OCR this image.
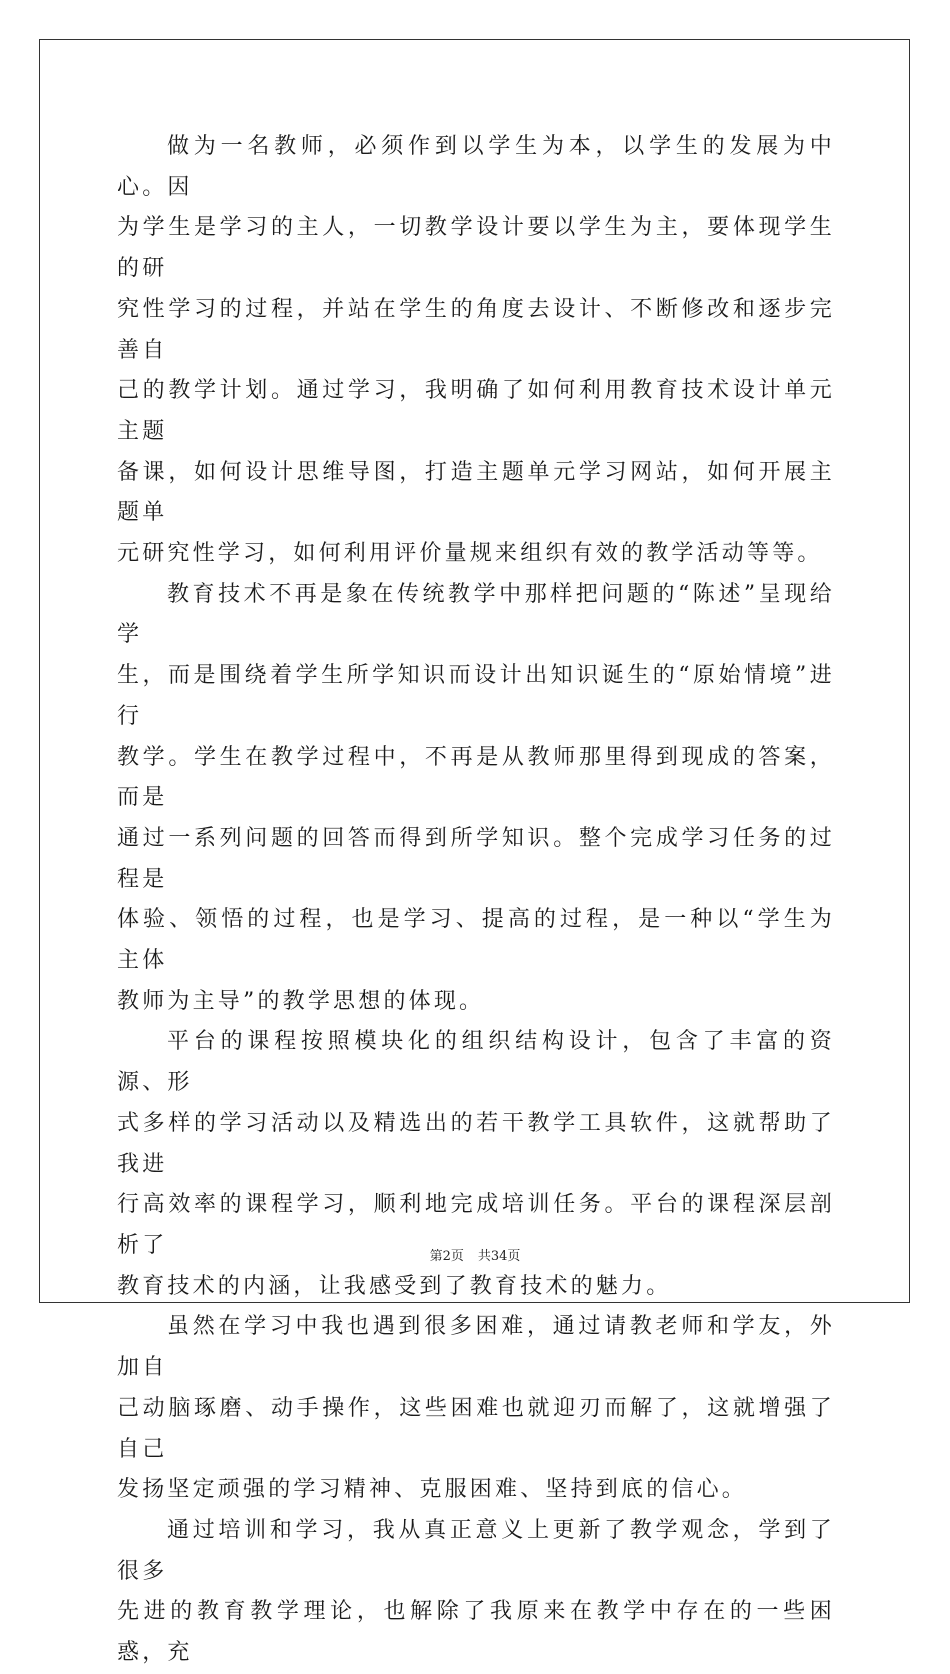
做为一名教师，必须作到以学生为本，以学生的发展为中心。因
为学生是学习的主人，一切教学设计要以学生为主，要体现学生的研
究性学习的过程，并站在学生的角度去设计、不断修改和逐步完善自
己的教学计划。通过学习，我明确了如何利用教育技术设计单元主题
备课，如何设计思维导图，打造主题单元学习网站，如何开展主题单
元研究性学习，如何利用评价量规来组织有效的教学活动等等。

教育技术不再是象在传统教学中那样把问题的“陈述”呈现给学
生，而是围绕着学生所学知识而设计出知识诞生的“原始情境”进行
教学。学生在教学过程中，不再是从教师那里得到现成的答案，而是
通过一系列问题的回答而得到所学知识。整个完成学习任务的过程是
体验、领悟的过程，也是学习、提高的过程，是一种以“学生为主体
教师为主导”的教学思想的体现。

平台的课程按照模块化的组织结构设计，包含了丰富的资源、形
式多样的学习活动以及精选出的若干教学工具软件，这就帮助了我进
行高效率的课程学习，顺利地完成培训任务。平台的课程深层剖析了
教育技术的内涵，让我感受到了教育技术的魅力。

虽然在学习中我也遇到很多困难，通过请教老师和学友，外加自
己动脑琢磨、动手操作，这些困难也就迎刃而解了，这就增强了自己
发扬坚定顽强的学习精神、克服困难、坚持到底的信心。

通过培训和学习，我从真正意义上更新了教学观念，学到了很多
先进的教育教学理论，也解除了我原来在教学中存在的一些困惑，充

第2页 共34页
